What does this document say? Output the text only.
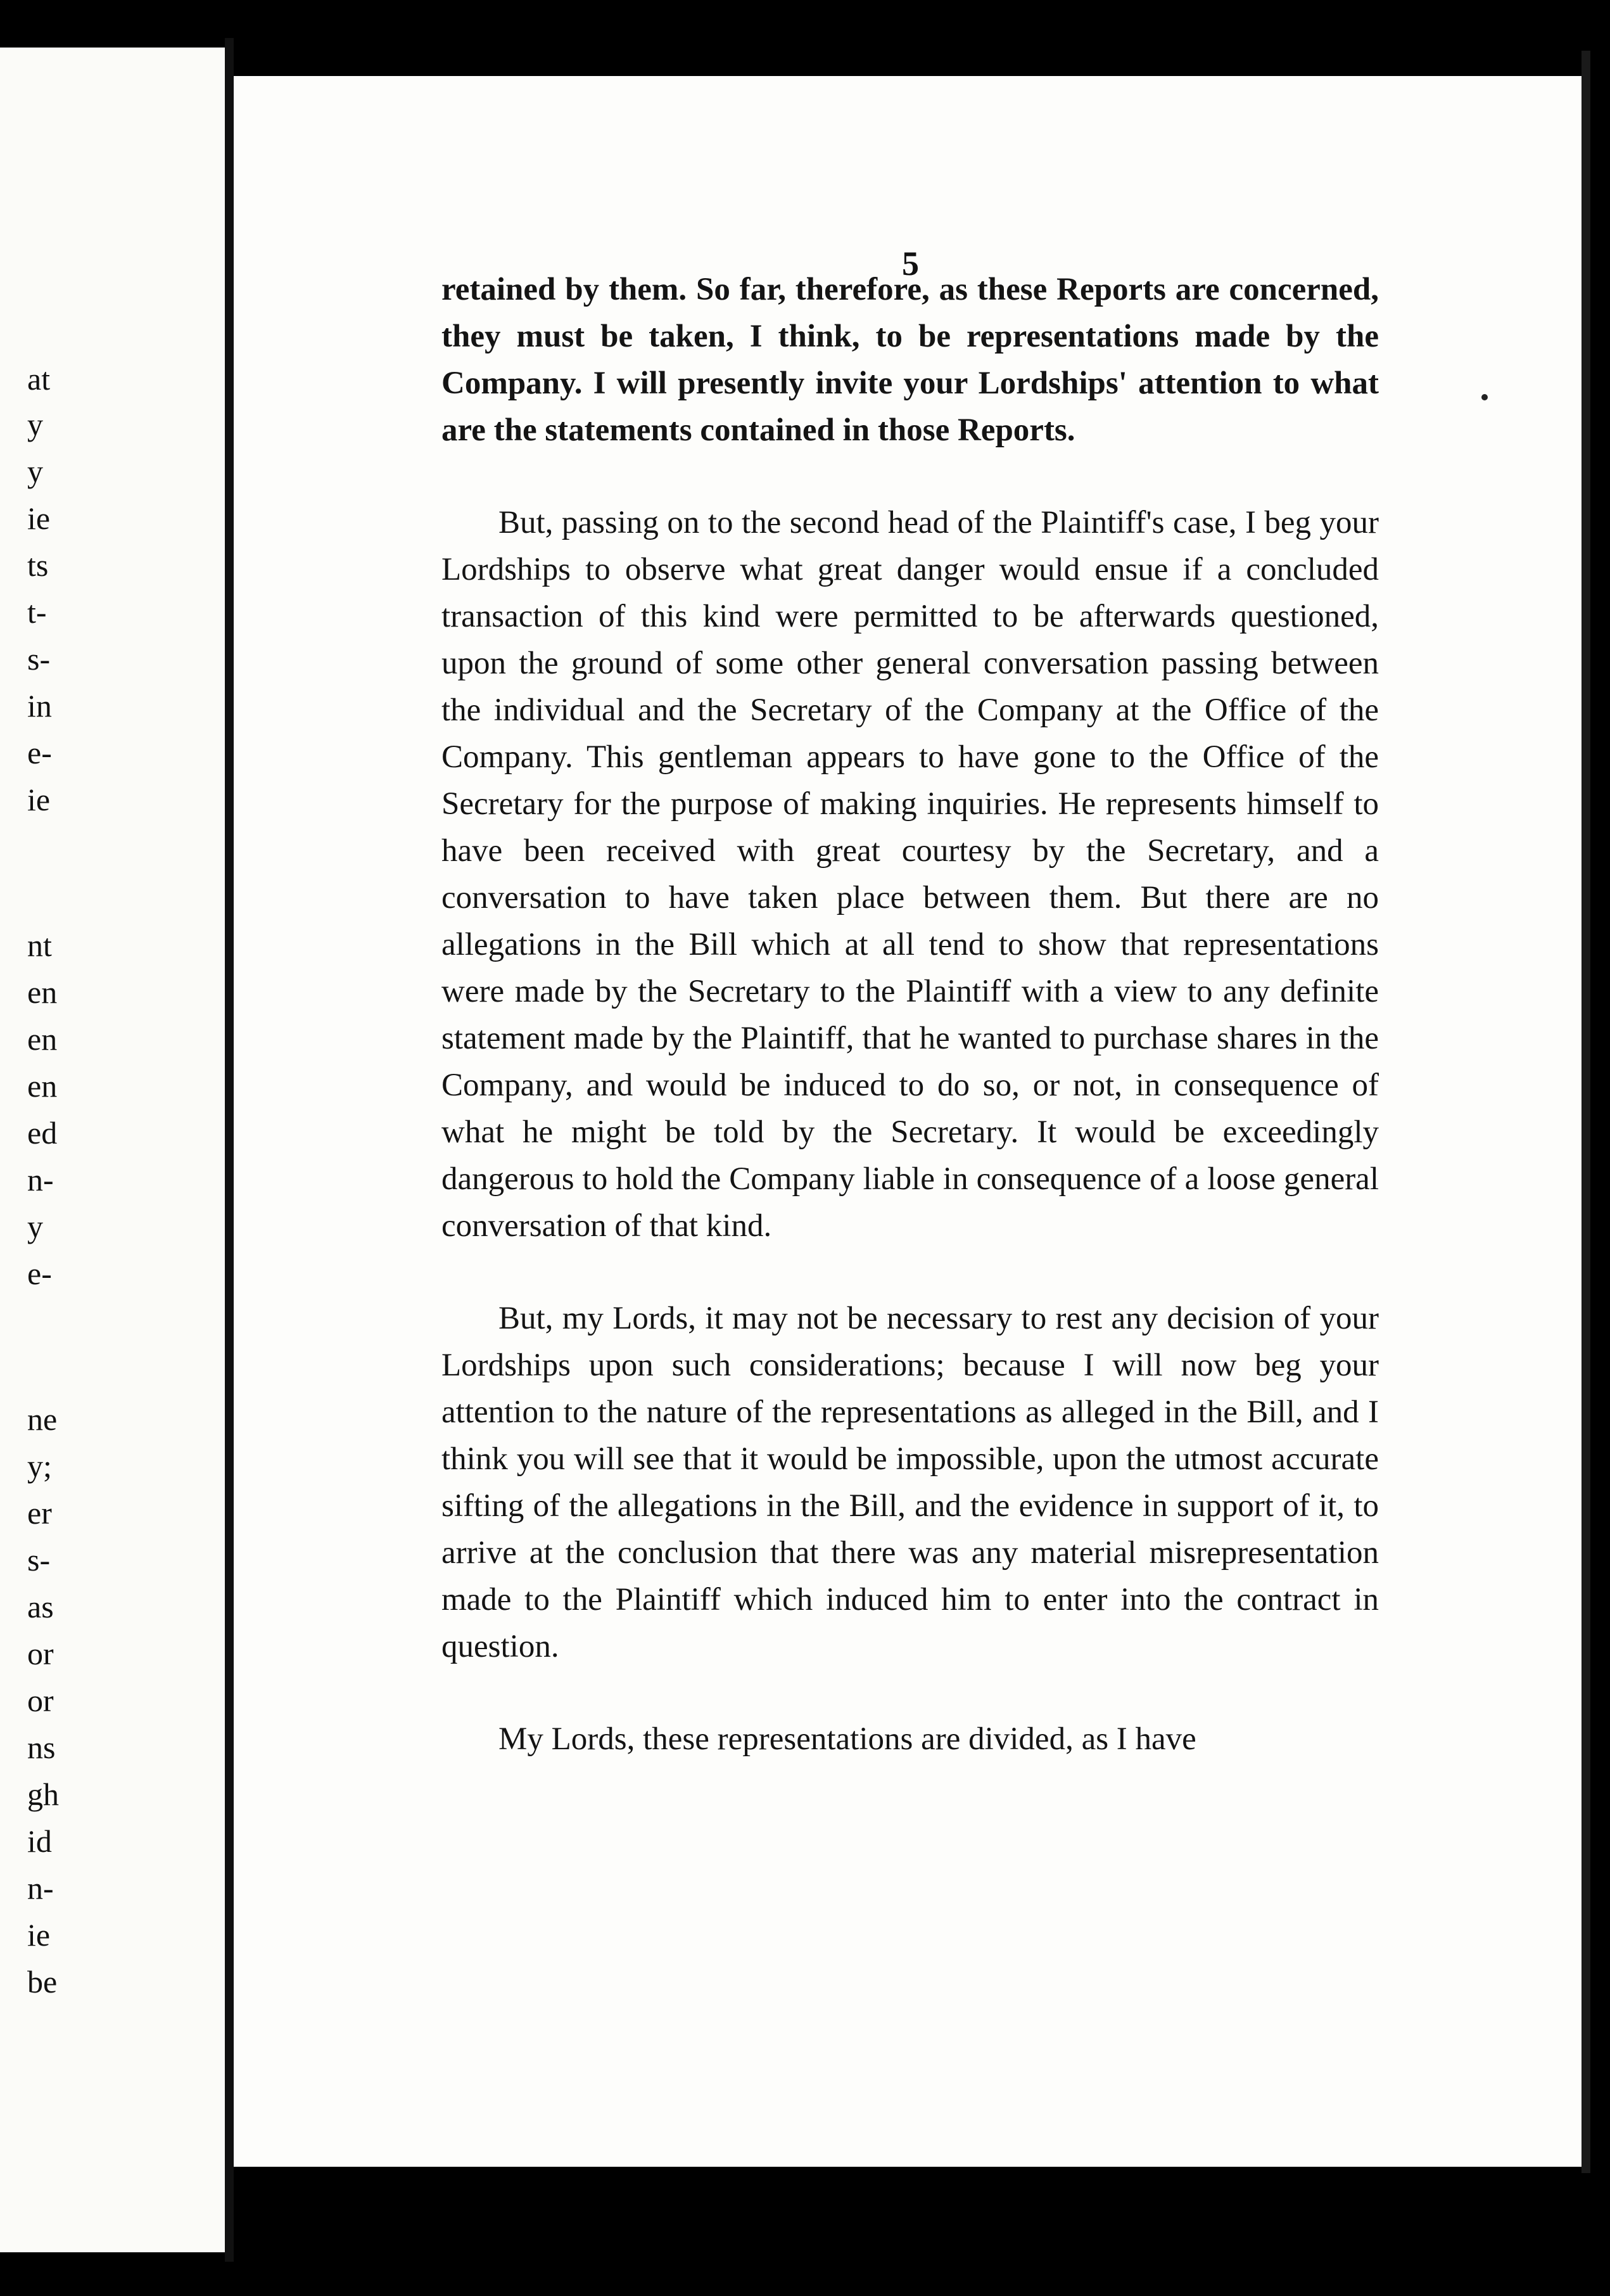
at
y
y
ie
ts
t-
s-
in
e-
ie
nt
en
en
en
ed
n-
y
e-
ne
y;
er
s-
as
or
or
ns
gh
id
n-
ie
be
5

retained by them. So far, therefore, as these Reports are concerned, they must be taken, I think, to be representations made by the Company. I will presently invite your Lordships' attention to what are the statements contained in those Reports.

But, passing on to the second head of the Plaintiff's case, I beg your Lordships to observe what great danger would ensue if a concluded transaction of this kind were permitted to be afterwards questioned, upon the ground of some other general conversation passing between the individual and the Secretary of the Company at the Office of the Company. This gentleman appears to have gone to the Office of the Secretary for the purpose of making inquiries. He represents himself to have been received with great courtesy by the Secretary, and a conversation to have taken place between them. But there are no allegations in the Bill which at all tend to show that representations were made by the Secretary to the Plaintiff with a view to any definite statement made by the Plaintiff, that he wanted to purchase shares in the Company, and would be induced to do so, or not, in consequence of what he might be told by the Secretary. It would be exceedingly dangerous to hold the Company liable in consequence of a loose general conversation of that kind.

But, my Lords, it may not be necessary to rest any decision of your Lordships upon such considerations; because I will now beg your attention to the nature of the representations as alleged in the Bill, and I think you will see that it would be impossible, upon the utmost accurate sifting of the allegations in the Bill, and the evidence in support of it, to arrive at the conclusion that there was any material misrepresentation made to the Plaintiff which induced him to enter into the contract in question.

My Lords, these representations are divided, as I have
